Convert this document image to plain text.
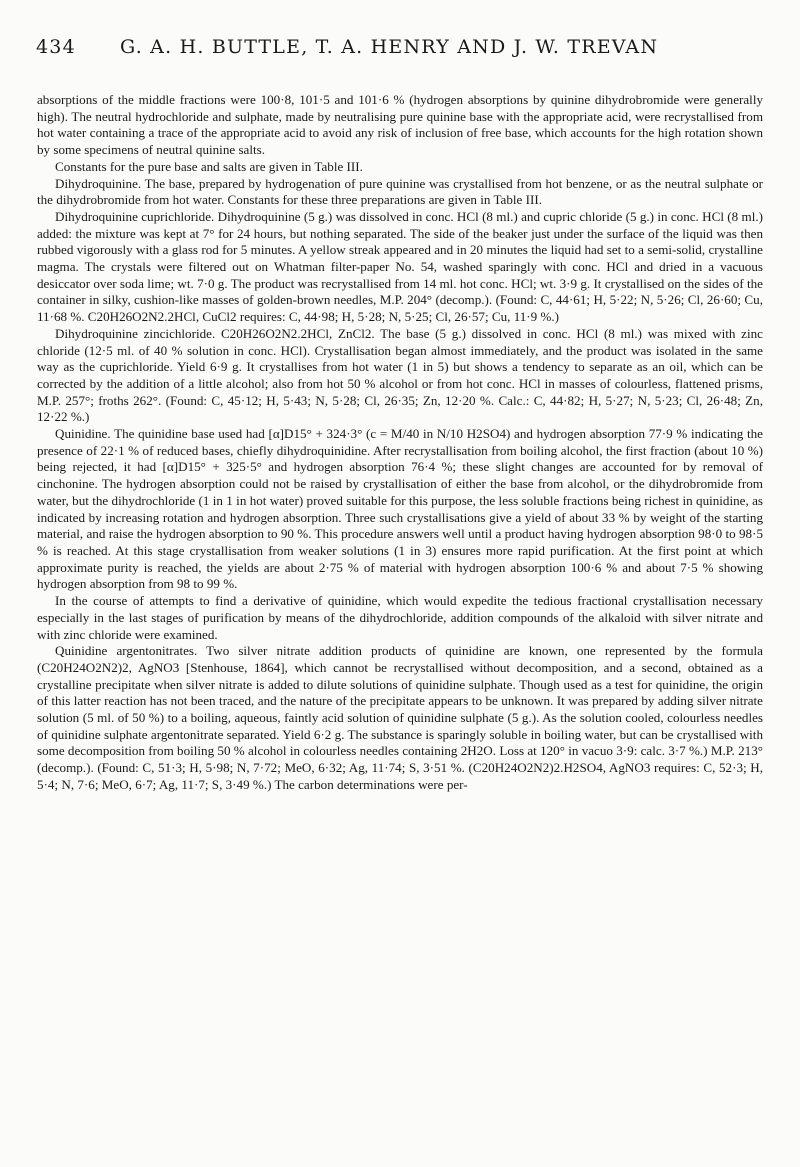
434 G. A. H. BUTTLE, T. A. HENRY AND J. W. TREVAN

absorptions of the middle fractions were 100·8, 101·5 and 101·6 % (hydrogen absorptions by quinine dihydrobromide were generally high). The neutral hydrochloride and sulphate, made by neutralising pure quinine base with the appropriate acid, were recrystallised from hot water containing a trace of the appropriate acid to avoid any risk of inclusion of free base, which accounts for the high rotation shown by some specimens of neutral quinine salts.

Constants for the pure base and salts are given in Table III.

Dihydroquinine. The base, prepared by hydrogenation of pure quinine was crystallised from hot benzene, or as the neutral sulphate or the dihydrobromide from hot water. Constants for these three preparations are given in Table III.

Dihydroquinine cuprichloride. Dihydroquinine (5 g.) was dissolved in conc. HCl (8 ml.) and cupric chloride (5 g.) in conc. HCl (8 ml.) added: the mixture was kept at 7° for 24 hours, but nothing separated. The side of the beaker just under the surface of the liquid was then rubbed vigorously with a glass rod for 5 minutes. A yellow streak appeared and in 20 minutes the liquid had set to a semi-solid, crystalline magma. The crystals were filtered out on Whatman filter-paper No. 54, washed sparingly with conc. HCl and dried in a vacuous desiccator over soda lime; wt. 7·0 g. The product was recrystallised from 14 ml. hot conc. HCl; wt. 3·9 g. It crystallised on the sides of the container in silky, cushion-like masses of golden-brown needles, M.P. 204° (decomp.). (Found: C, 44·61; H, 5·22; N, 5·26; Cl, 26·60; Cu, 11·68 %. C20H26O2N2.2HCl, CuCl2 requires: C, 44·98; H, 5·28; N, 5·25; Cl, 26·57; Cu, 11·9 %.)

Dihydroquinine zincichloride. C20H26O2N2.2HCl, ZnCl2. The base (5 g.) dissolved in conc. HCl (8 ml.) was mixed with zinc chloride (12·5 ml. of 40 % solution in conc. HCl). Crystallisation began almost immediately, and the product was isolated in the same way as the cuprichloride. Yield 6·9 g. It crystallises from hot water (1 in 5) but shows a tendency to separate as an oil, which can be corrected by the addition of a little alcohol; also from hot 50 % alcohol or from hot conc. HCl in masses of colourless, flattened prisms, M.P. 257°; froths 262°. (Found: C, 45·12; H, 5·43; N, 5·28; Cl, 26·35; Zn, 12·20 %. Calc.: C, 44·82; H, 5·27; N, 5·23; Cl, 26·48; Zn, 12·22 %.)

Quinidine. The quinidine base used had [α]D15° + 324·3° (c = M/40 in N/10 H2SO4) and hydrogen absorption 77·9 % indicating the presence of 22·1 % of reduced bases, chiefly dihydroquinidine. After recrystallisation from boiling alcohol, the first fraction (about 10 %) being rejected, it had [α]D15° + 325·5° and hydrogen absorption 76·4 %; these slight changes are accounted for by removal of cinchonine. The hydrogen absorption could not be raised by crystallisation of either the base from alcohol, or the dihydrobromide from water, but the dihydrochloride (1 in 1 in hot water) proved suitable for this purpose, the less soluble fractions being richest in quinidine, as indicated by increasing rotation and hydrogen absorption. Three such crystallisations give a yield of about 33 % by weight of the starting material, and raise the hydrogen absorption to 90 %. This procedure answers well until a product having hydrogen absorption 98·0 to 98·5 % is reached. At this stage crystallisation from weaker solutions (1 in 3) ensures more rapid purification. At the first point at which approximate purity is reached, the yields are about 2·75 % of material with hydrogen absorption 100·6 % and about 7·5 % showing hydrogen absorption from 98 to 99 %.

In the course of attempts to find a derivative of quinidine, which would expedite the tedious fractional crystallisation necessary especially in the last stages of purification by means of the dihydrochloride, addition compounds of the alkaloid with silver nitrate and with zinc chloride were examined.

Quinidine argentonitrates. Two silver nitrate addition products of quinidine are known, one represented by the formula (C20H24O2N2)2, AgNO3 [Stenhouse, 1864], which cannot be recrystallised without decomposition, and a second, obtained as a crystalline precipitate when silver nitrate is added to dilute solutions of quinidine sulphate. Though used as a test for quinidine, the origin of this latter reaction has not been traced, and the nature of the precipitate appears to be unknown. It was prepared by adding silver nitrate solution (5 ml. of 50 %) to a boiling, aqueous, faintly acid solution of quinidine sulphate (5 g.). As the solution cooled, colourless needles of quinidine sulphate argentonitrate separated. Yield 6·2 g. The substance is sparingly soluble in boiling water, but can be crystallised with some decomposition from boiling 50 % alcohol in colourless needles containing 2H2O. Loss at 120° in vacuo 3·9: calc. 3·7 %.) M.P. 213° (decomp.). (Found: C, 51·3; H, 5·98; N, 7·72; MeO, 6·32; Ag, 11·74; S, 3·51 %. (C20H24O2N2)2.H2SO4, AgNO3 requires: C, 52·3; H, 5·4; N, 7·6; MeO, 6·7; Ag, 11·7; S, 3·49 %.) The carbon determinations were per-
